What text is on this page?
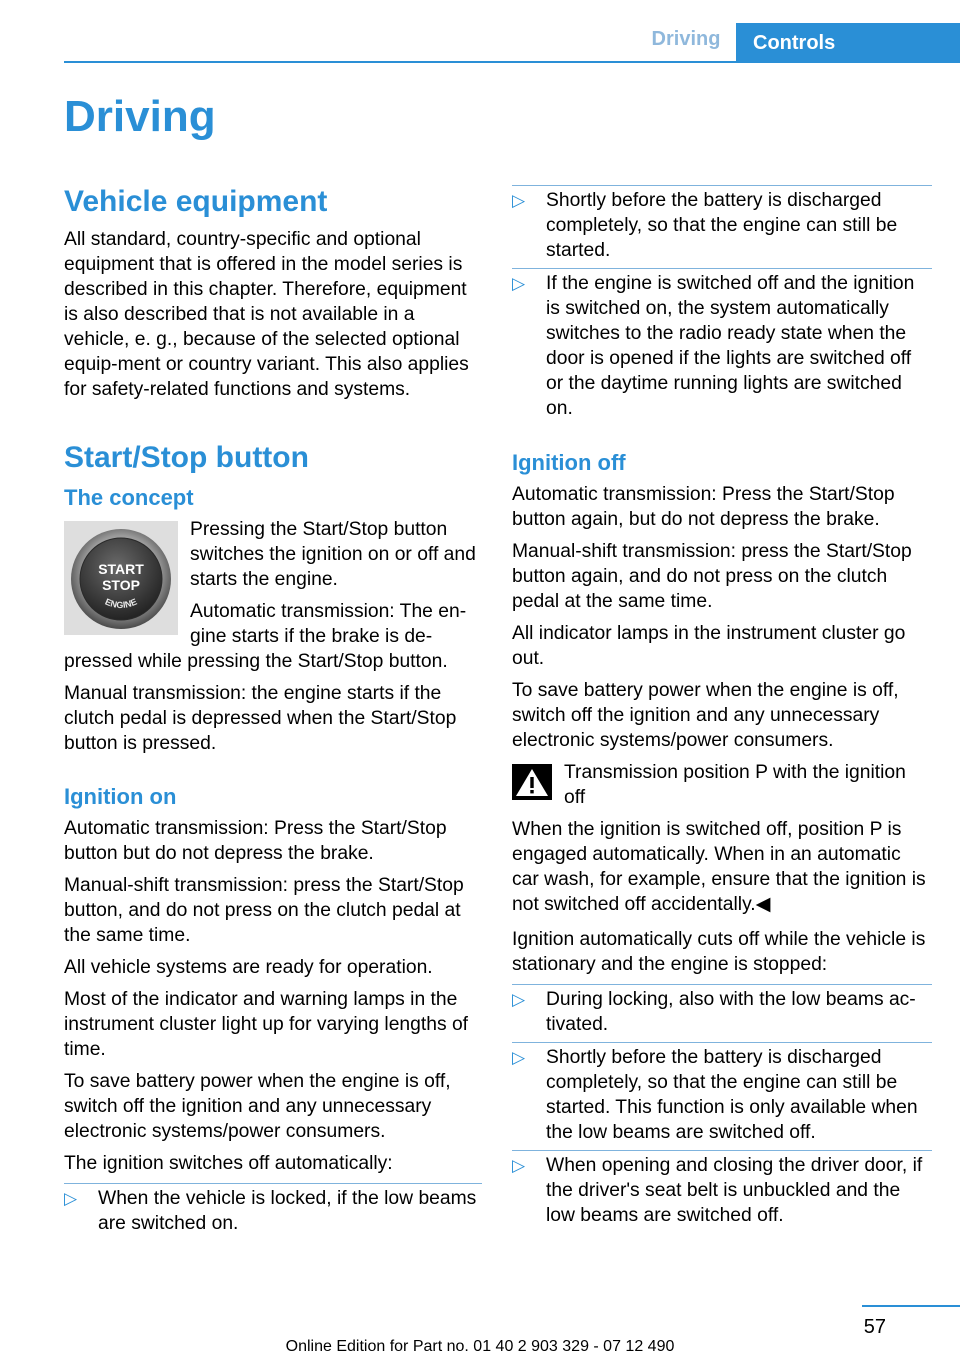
Driving	Controls
Driving
Vehicle equipment

All standard, country-specific and optional equipment that is offered in the model series is described in this chapter. Therefore, equipment is also described that is not available in a vehicle, e. g., because of the selected optional equip‐ment or country variant. This also applies for safety-related functions and systems.

Start/Stop button
The concept
START
STOP
ENGINE

Pressing the Start/Stop button switches the ignition on or off and starts the engine.

Automatic transmission: The en‐gine starts if the brake is de‐pressed while pressing the Start/Stop button.

Manual transmission: the engine starts if the clutch pedal is depressed when the Start/Stop button is pressed.

Ignition on

Automatic transmission: Press the Start/Stop button but do not depress the brake.

Manual-shift transmission: press the Start/Stop button, and do not press on the clutch pedal at the same time.

All vehicle systems are ready for operation.

Most of the indicator and warning lamps in the instrument cluster light up for varying lengths of time.

To save battery power when the engine is off, switch off the ignition and any unnecessary electronic systems/power consumers.

The ignition switches off automatically:

▷ When the vehicle is locked, if the low beams are switched on.
▷ Shortly before the battery is discharged completely, so that the engine can still be started.
▷ If the engine is switched off and the ignition is switched on, the system automatically switches to the radio ready state when the door is opened if the lights are switched off or the daytime running lights are switched on.
Ignition off

Automatic transmission: Press the Start/Stop button again, but do not depress the brake.

Manual-shift transmission: press the Start/Stop button again, and do not press on the clutch pedal at the same time.

All indicator lamps in the instrument cluster go out.

To save battery power when the engine is off, switch off the ignition and any unnecessary electronic systems/power consumers.

Transmission position P with the ignition off

When the ignition is switched off, position P is engaged automatically. When in an automatic car wash, for example, ensure that the ignition is not switched off accidentally.◀

Ignition automatically cuts off while the vehicle is stationary and the engine is stopped:

▷ During locking, also with the low beams ac‐tivated.
▷ Shortly before the battery is discharged completely, so that the engine can still be started. This function is only available when the low beams are switched off.
▷ When opening and closing the driver door, if the driver's seat belt is unbuckled and the low beams are switched off.
57
Online Edition for Part no. 01 40 2 903 329 - 07 12 490
